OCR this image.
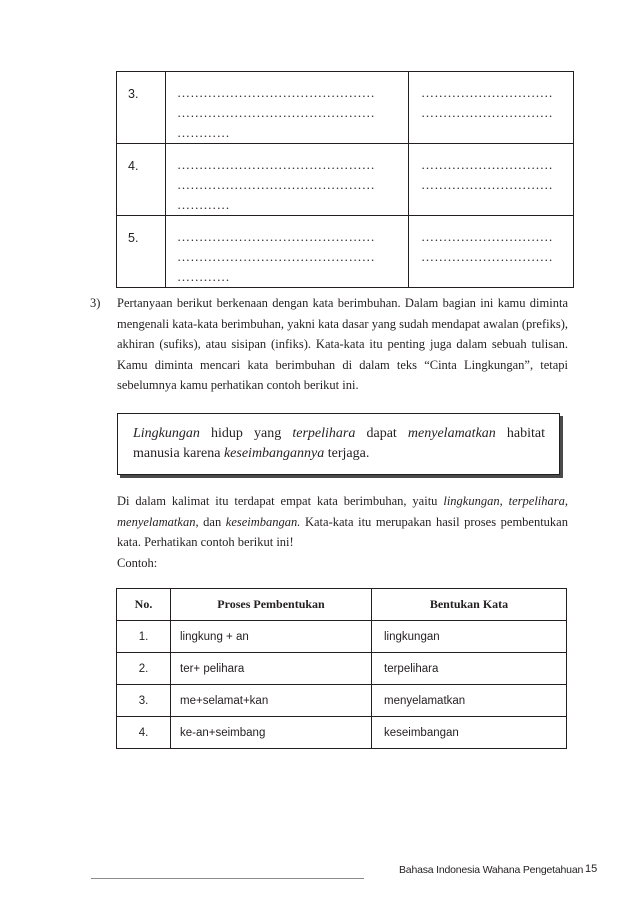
3.	………………………………………
………………………………………
…………	…………………………
…………………………

4.	………………………………………
………………………………………
…………	…………………………
…………………………

5.	………………………………………
………………………………………
…………	…………………………
…………………………
3) Pertanyaan berikut berkenaan dengan kata berimbuhan. Dalam bagian ini kamu diminta mengenali kata-kata berimbuhan, yakni kata dasar yang sudah mendapat awalan (prefiks), akhiran (sufiks), atau sisipan (infiks). Kata-kata itu penting juga dalam sebuah tulisan. Kamu diminta mencari kata berimbuhan di dalam teks “Cinta Lingkungan”, tetapi sebelumnya kamu perhatikan contoh berikut ini.
Lingkungan hidup yang terpelihara dapat menyelamatkan habitat
manusia karena keseimbangannya terjaga.
Di dalam kalimat itu terdapat empat kata berimbuhan, yaitu lingkungan, terpelihara, menyelamatkan, dan keseimbangan. Kata-kata itu merupakan hasil proses pembentukan kata. Perhatikan contoh berikut ini!
Contoh:
No.	Proses Pembentukan	Bentukan Kata
1.	lingkung + an	lingkungan
2.	ter+ pelihara	terpelihara
3.	me+selamat+kan	menyelamatkan
4.	ke-an+seimbang	keseimbangan
Bahasa Indonesia Wahana Pengetahuan 15
